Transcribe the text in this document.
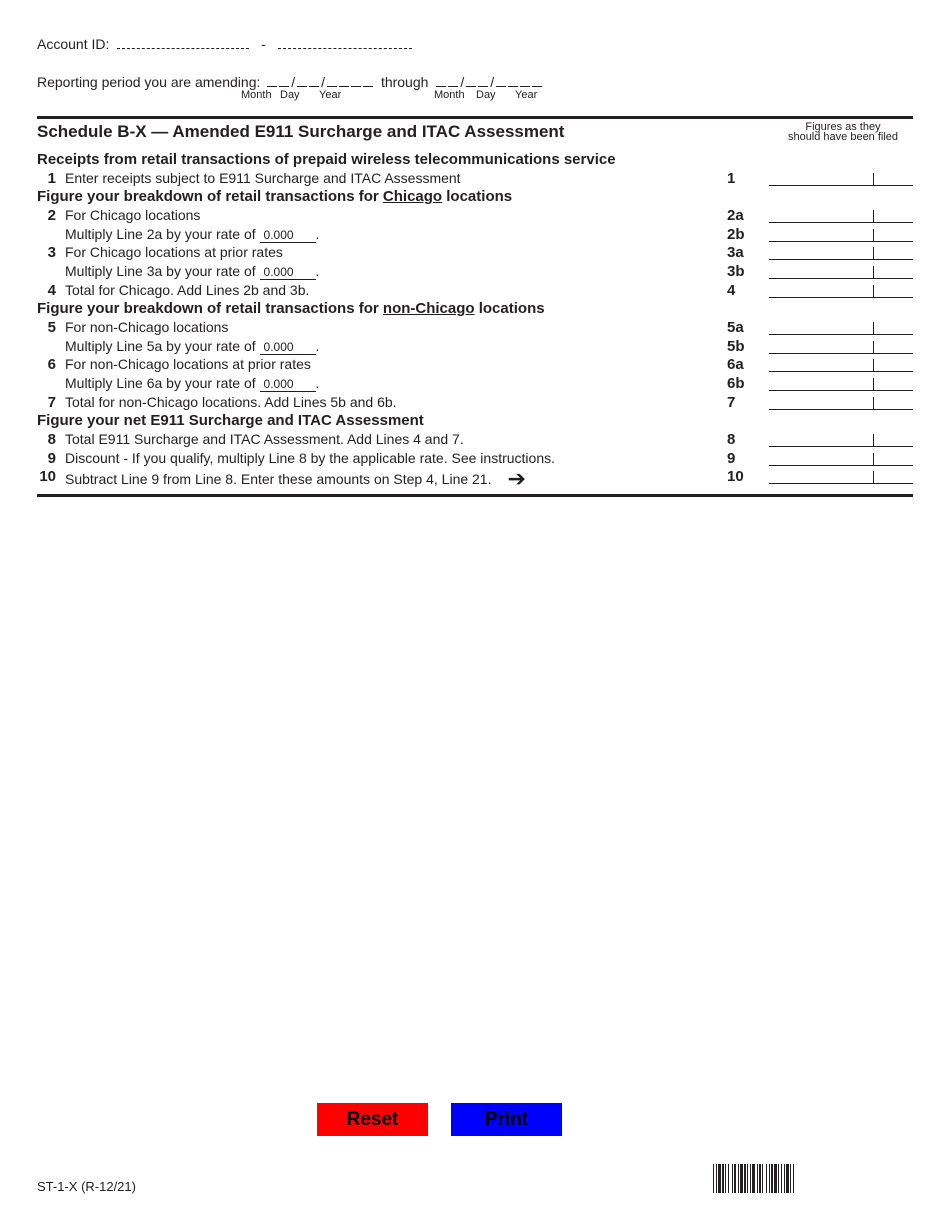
Account ID:	-
Reporting period you are amending: / /	through / /
Month Day Year	Month Day Year
Schedule B-X — Amended E911 Surcharge and ITAC Assessment	Figures as they
should have been filed
Receipts from retail transactions of prepaid wireless telecommunications service
1 Enter receipts subject to E911 Surcharge and ITAC Assessment	1
Figure your breakdown of retail transactions for Chicago locations
2 For Chicago locations	2a
Multiply Line 2a by your rate of 0.000 .	2b
3 For Chicago locations at prior rates	3a
Multiply Line 3a by your rate of 0.000 .	3b
4 Total for Chicago. Add Lines 2b and 3b.	4
Figure your breakdown of retail transactions for non-Chicago locations
5 For non-Chicago locations	5a
Multiply Line 5a by your rate of 0.000 .	5b
6 For non-Chicago locations at prior rates	6a
Multiply Line 6a by your rate of 0.000 .	6b
7 Total for non-Chicago locations. Add Lines 5b and 6b.	7
Figure your net E911 Surcharge and ITAC Assessment
8 Total E911 Surcharge and ITAC Assessment. Add Lines 4 and 7.	8
9 Discount - If you qualify, multiply Line 8 by the applicable rate. See instructions.	9
10 Subtract Line 9 from Line 8. Enter these amounts on Step 4, Line 21. ➔	10
Reset	Print
ST-1-X (R-12/21)
